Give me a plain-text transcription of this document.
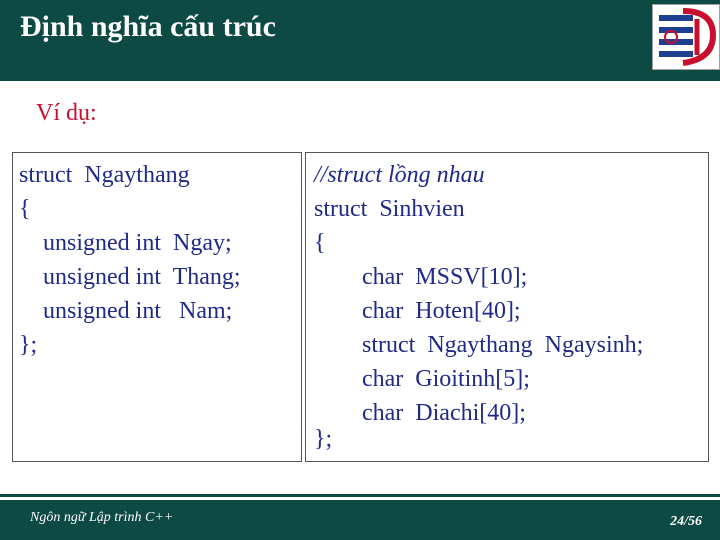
Định nghĩa cấu trúc
Ví dụ:
struct  Ngaythang
{
unsigned int  Ngay;
unsigned int  Thang;
unsigned int   Nam;
};
//struct lồng nhau
struct  Sinhvien
{
char  MSSV[10];
char  Hoten[40];
struct  Ngaythang  Ngaysinh;
char  Gioitinh[5];
char  Diachi[40];
};
Ngôn ngữ Lập trình C++	24/56
